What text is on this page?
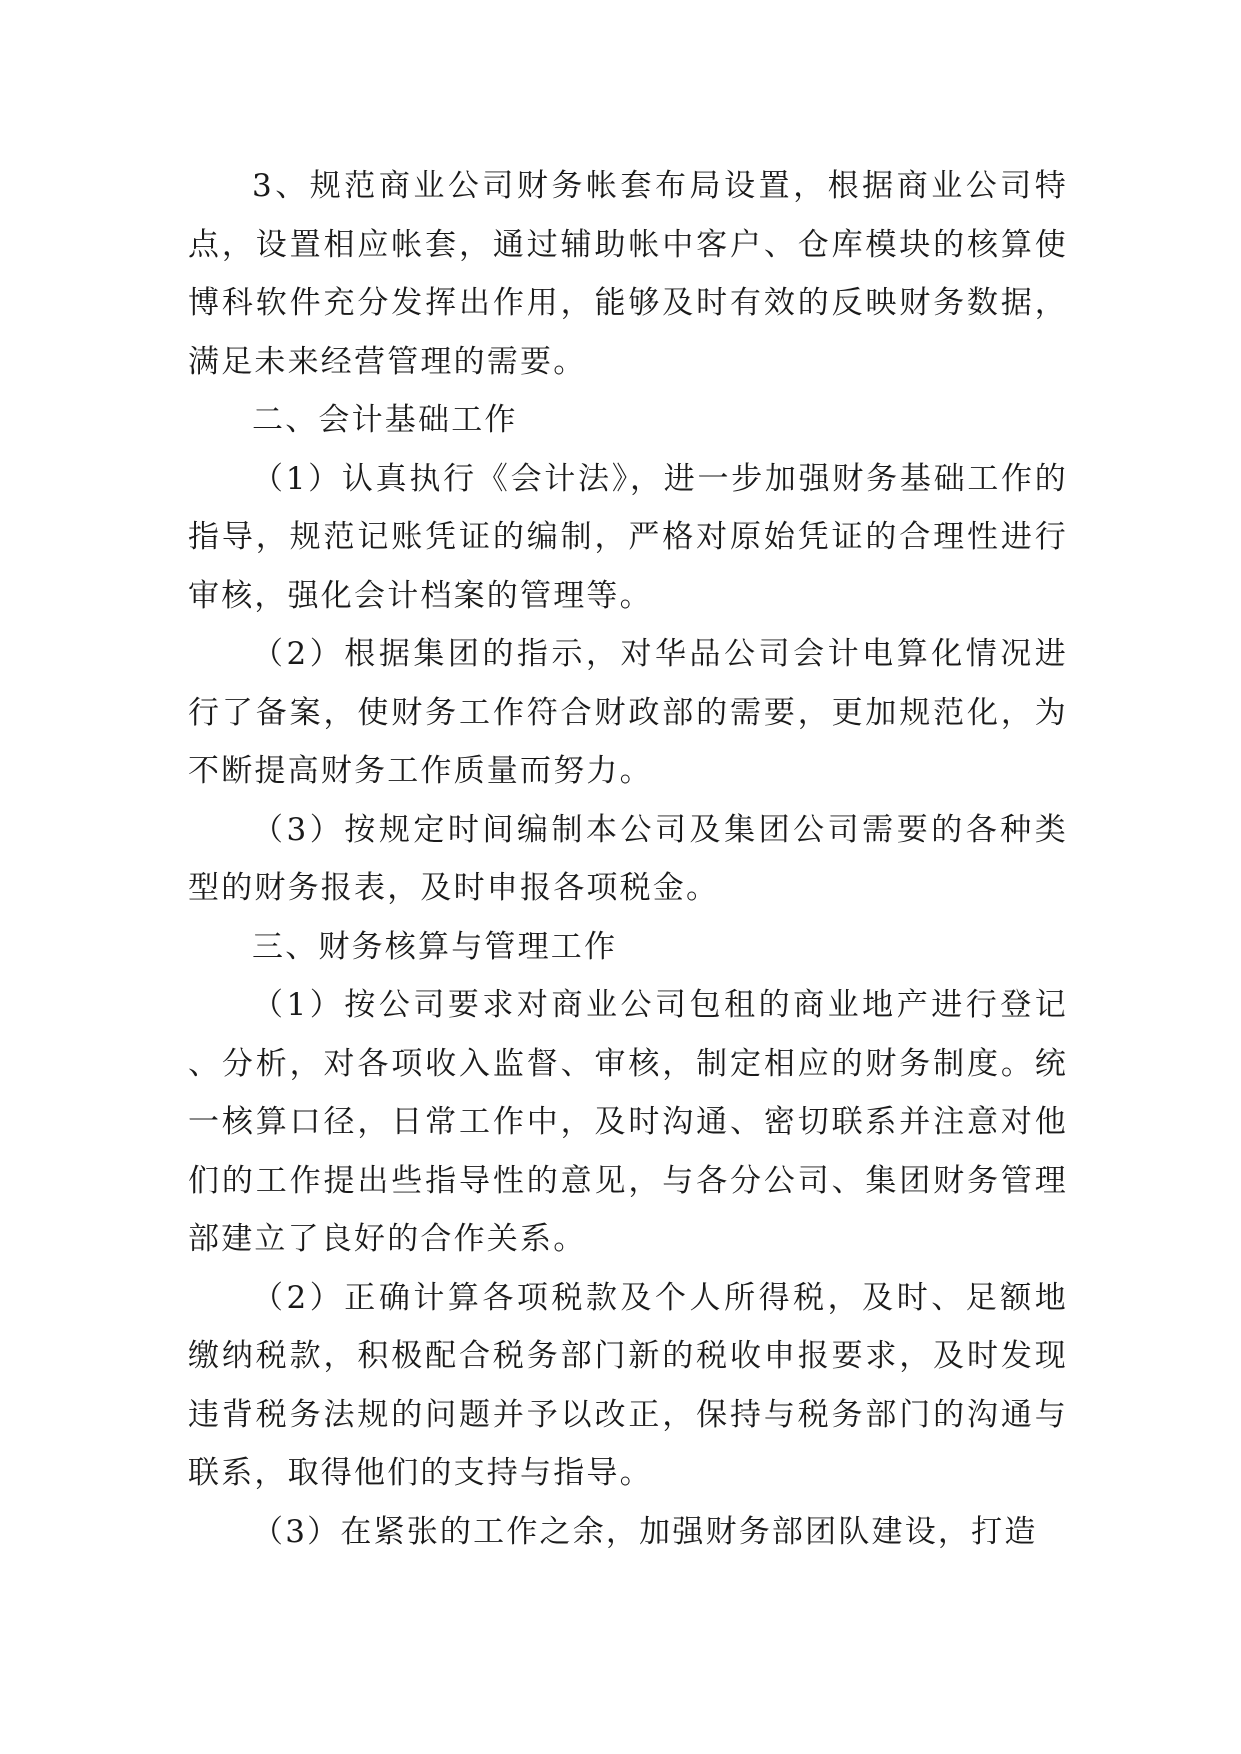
3、规范商业公司财务帐套布局设置，根据商业公司特点，设置相应帐套，通过辅助帐中客户、仓库模块的核算使博科软件充分发挥出作用，能够及时有效的反映财务数据，满足未来经营管理的需要。

二、会计基础工作

（1）认真执行《会计法》，进一步加强财务基础工作的指导，规范记账凭证的编制，严格对原始凭证的合理性进行审核，强化会计档案的管理等。

（2）根据集团的指示，对华品公司会计电算化情况进行了备案，使财务工作符合财政部的需要，更加规范化，为不断提高财务工作质量而努力。

（3）按规定时间编制本公司及集团公司需要的各种类型的财务报表，及时申报各项税金。

三、财务核算与管理工作

（1）按公司要求对商业公司包租的商业地产进行登记、分析，对各项收入监督、审核，制定相应的财务制度。统一核算口径，日常工作中，及时沟通、密切联系并注意对他们的工作提出些指导性的意见，与各分公司、集团财务管理部建立了良好的合作关系。

（2）正确计算各项税款及个人所得税，及时、足额地缴纳税款，积极配合税务部门新的税收申报要求，及时发现违背税务法规的问题并予以改正，保持与税务部门的沟通与联系，取得他们的支持与指导。

（3）在紧张的工作之余，加强财务部团队建设，打造
